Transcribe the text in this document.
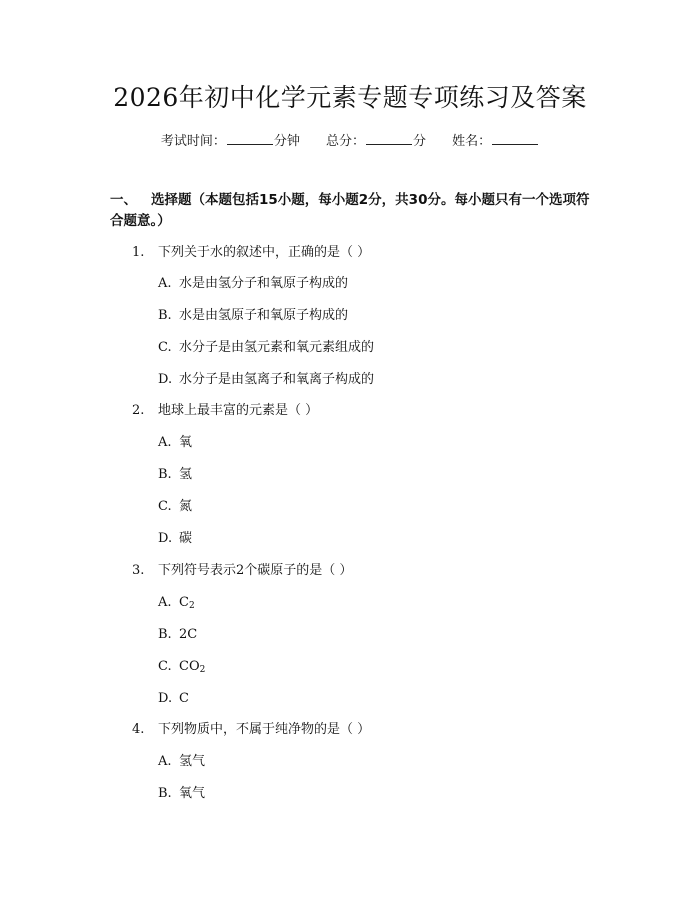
2026年初中化学元素专题专项练习及答案
考试时间：	分钟 总分：	分 姓名：
一、 选择题（本题包括15小题，每小题2分，共30分。每小题只有一个选项符合题意。）
1. 下列关于水的叙述中，正确的是（ ）
A. 水是由氢分子和氧原子构成的
B. 水是由氢原子和氧原子构成的
C. 水分子是由氢元素和氧元素组成的
D. 水分子是由氢离子和氧离子构成的
2. 地球上最丰富的元素是（ ）
A. 氧
B. 氢
C. 氮
D. 碳
3. 下列符号表示2个碳原子的是（ ）
A. $C_2$
B. 2C
C. $CO_2$
D. C
4. 下列物质中，不属于纯净物的是（ ）
A. 氢气
B. 氧气
